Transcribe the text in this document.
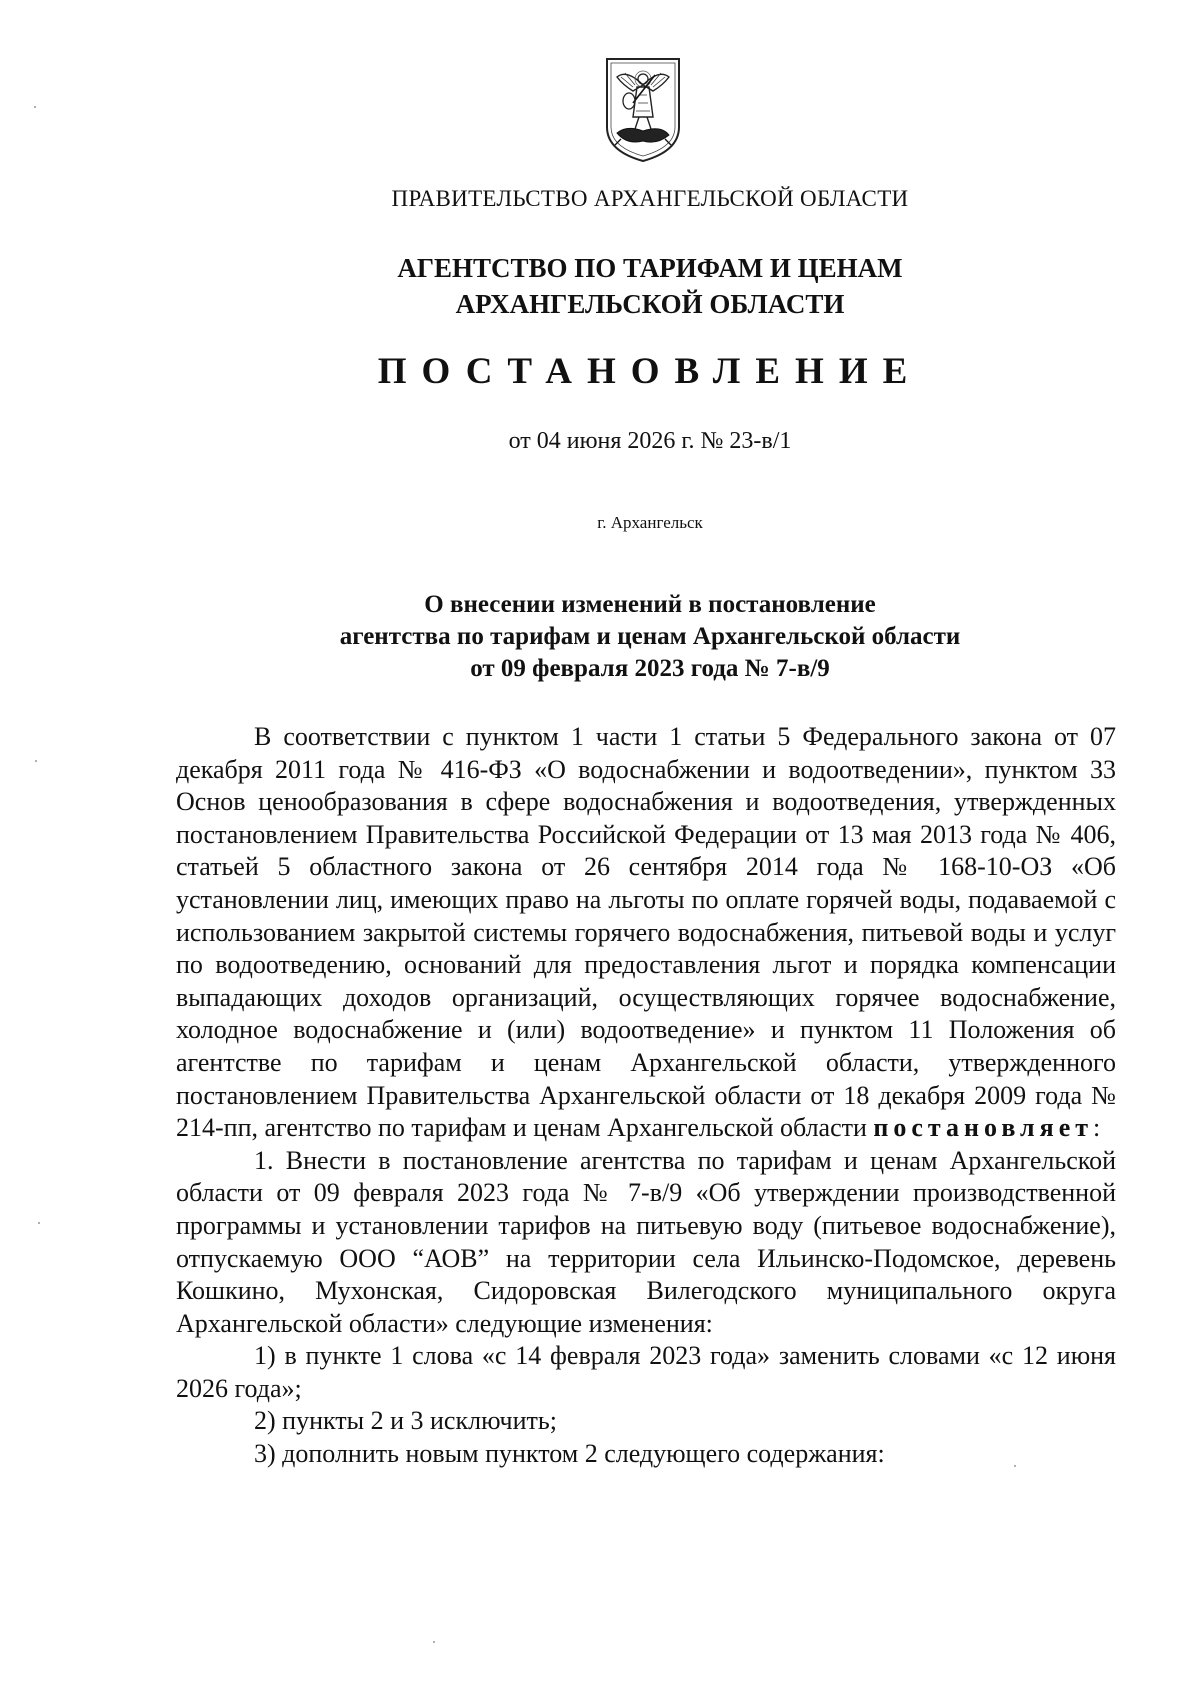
ПРАВИТЕЛЬСТВО АРХАНГЕЛЬСКОЙ ОБЛАСТИ
АГЕНТСТВО ПО ТАРИФАМ И ЦЕНАМ
АРХАНГЕЛЬСКОЙ ОБЛАСТИ
ПОСТАНОВЛЕНИЕ
от 04 июня 2026 г. № 23-в/1
г. Архангельск
О внесении изменений в постановление
агентства по тарифам и ценам Архангельской области
от 09 февраля 2023 года № 7-в/9

В соответствии с пунктом 1 части 1 статьи 5 Федерального закона от 07 декабря 2011 года № 416-ФЗ «О водоснабжении и водоотведении», пунктом 33 Основ ценообразования в сфере водоснабжения и водоотведения, утвержденных постановлением Правительства Российской Федерации от 13 мая 2013 года № 406, статьей 5 областного закона от 26 сентября 2014 года № 168-10-ОЗ «Об установлении лиц, имеющих право на льготы по оплате горячей воды, подаваемой с использованием закрытой системы горячего водоснабжения, питьевой воды и услуг по водоотведению, оснований для предоставления льгот и порядка компенсации выпадающих доходов организаций, осуществляющих горячее водоснабжение, холодное водоснабжение и (или) водоотведение» и пунктом 11 Положения об агентстве по тарифам и ценам Архангельской области, утвержденного постановлением Правительства Архангельской области от 18 декабря 2009 года № 214-пп, агентство по тарифам и ценам Архангельской области постановляет:

1. Внести в постановление агентства по тарифам и ценам Архангельской области от 09 февраля 2023 года № 7-в/9 «Об утверждении производственной программы и установлении тарифов на питьевую воду (питьевое водоснабжение), отпускаемую ООО “АОВ” на территории села Ильинско-Подомское, деревень Кошкино, Мухонская, Сидоровская Вилегодского муниципального округа Архангельской области» следующие изменения:

1) в пункте 1 слова «с 14 февраля 2023 года» заменить словами «с 12 июня 2026 года»;

2) пункты 2 и 3 исключить;

3) дополнить новым пунктом 2 следующего содержания:
